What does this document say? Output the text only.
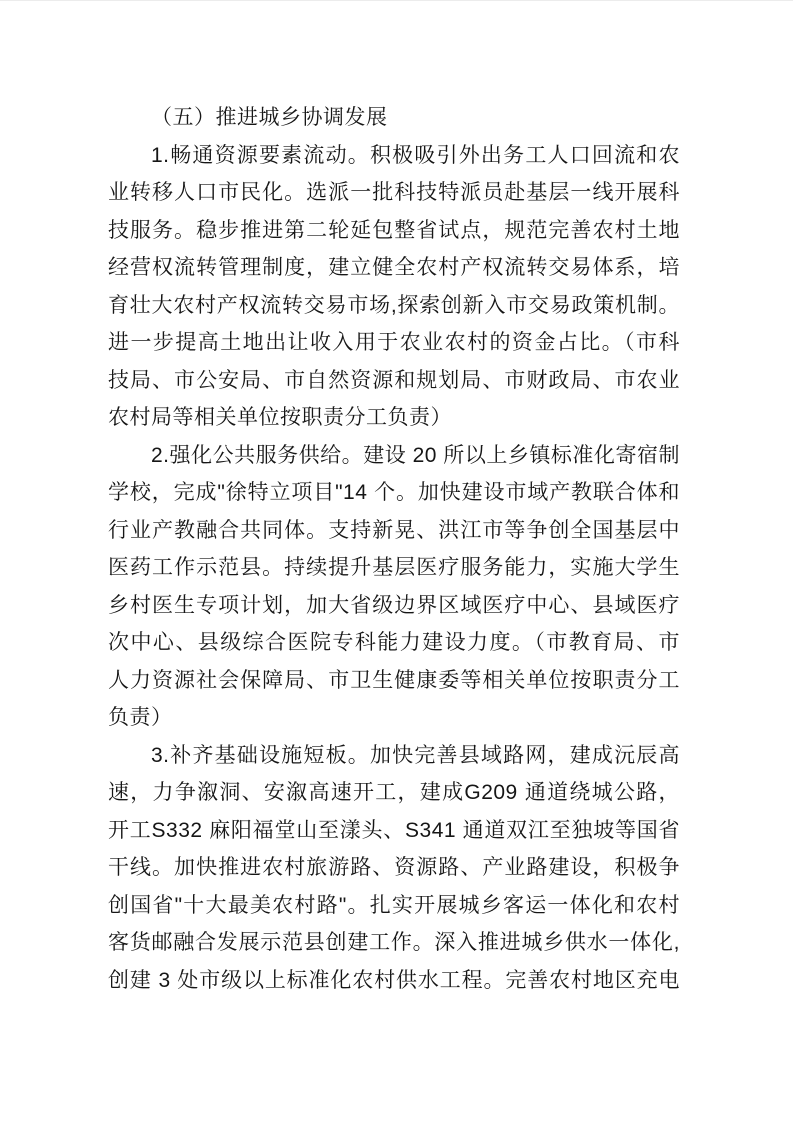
（五）推进城乡协调发展
1.畅通资源要素流动。积极吸引外出务工人口回流和农
业转移人口市民化。选派一批科技特派员赴基层一线开展科
技服务。稳步推进第二轮延包整省试点，规范完善农村土地
经营权流转管理制度，建立健全农村产权流转交易体系，培
育壮大农村产权流转交易市场,探索创新入市交易政策机制。
进一步提高土地出让收入用于农业农村的资金占比。（市科
技局、市公安局、市自然资源和规划局、市财政局、市农业
农村局等相关单位按职责分工负责）
2.强化公共服务供给。建设 20 所以上乡镇标准化寄宿制
学校，完成"徐特立项目"14 个。加快建设市域产教联合体和
行业产教融合共同体。支持新晃、洪江市等争创全国基层中
医药工作示范县。持续提升基层医疗服务能力，实施大学生
乡村医生专项计划，加大省级边界区域医疗中心、县域医疗
次中心、县级综合医院专科能力建设力度。（市教育局、市
人力资源社会保障局、市卫生健康委等相关单位按职责分工
负责）
3.补齐基础设施短板。加快完善县域路网，建成沅辰高
速，力争溆洞、安溆高速开工，建成G209 通道绕城公路，
开工S332 麻阳福堂山至漾头、S341 通道双江至独坡等国省
干线。加快推进农村旅游路、资源路、产业路建设，积极争
创国省"十大最美农村路"。扎实开展城乡客运一体化和农村
客货邮融合发展示范县创建工作。深入推进城乡供水一体化,
创建 3 处市级以上标准化农村供水工程。完善农村地区充电
